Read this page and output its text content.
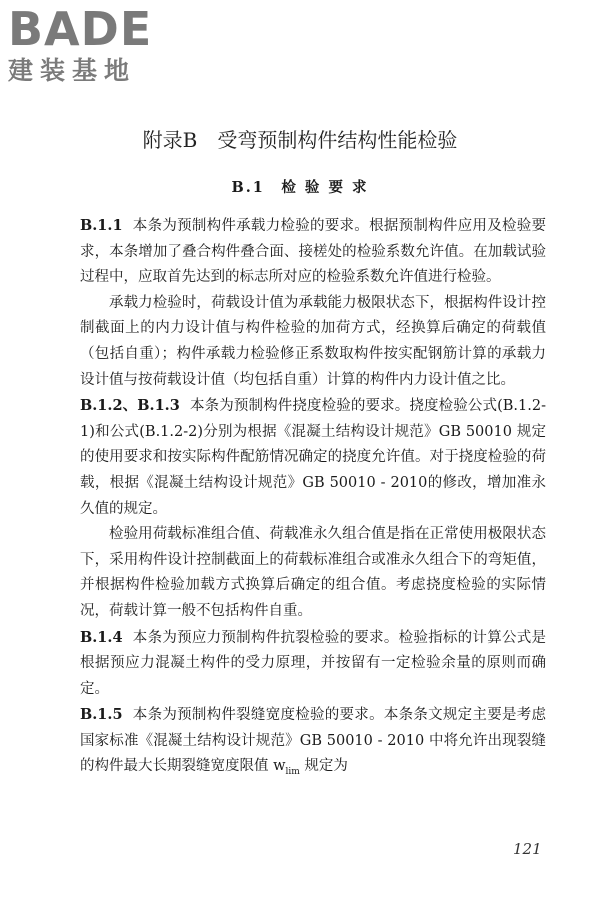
BADE
建装基地
附录B　受弯预制构件结构性能检验
B.1　检 验 要 求

B.1.1 本条为预制构件承载力检验的要求。根据预制构件应用及检验要求，本条增加了叠合构件叠合面、接槎处的检验系数允许值。在加载试验过程中，应取首先达到的标志所对应的检验系数允许值进行检验。

承载力检验时，荷载设计值为承载能力极限状态下，根据构件设计控制截面上的内力设计值与构件检验的加荷方式，经换算后确定的荷载值（包括自重）；构件承载力检验修正系数取构件按实配钢筋计算的承载力设计值与按荷载设计值（均包括自重）计算的构件内力设计值之比。

B.1.2、B.1.3 本条为预制构件挠度检验的要求。挠度检验公式(B.1.2-1)和公式(B.1.2-2)分别为根据《混凝土结构设计规范》GB 50010 规定的使用要求和按实际构件配筋情况确定的挠度允许值。对于挠度检验的荷载，根据《混凝土结构设计规范》GB 50010 - 2010的修改，增加准永久值的规定。

检验用荷载标准组合值、荷载准永久组合值是指在正常使用极限状态下，采用构件设计控制截面上的荷载标准组合或准永久组合下的弯矩值，并根据构件检验加载方式换算后确定的组合值。考虑挠度检验的实际情况，荷载计算一般不包括构件自重。

B.1.4 本条为预应力预制构件抗裂检验的要求。检验指标的计算公式是根据预应力混凝土构件的受力原理，并按留有一定检验余量的原则而确定。

B.1.5 本条为预制构件裂缝宽度检验的要求。本条条文规定主要是考虑国家标准《混凝土结构设计规范》GB 50010 - 2010 中将允许出现裂缝的构件最大长期裂缝宽度限值 $w_{lim}$ 规定为

121
